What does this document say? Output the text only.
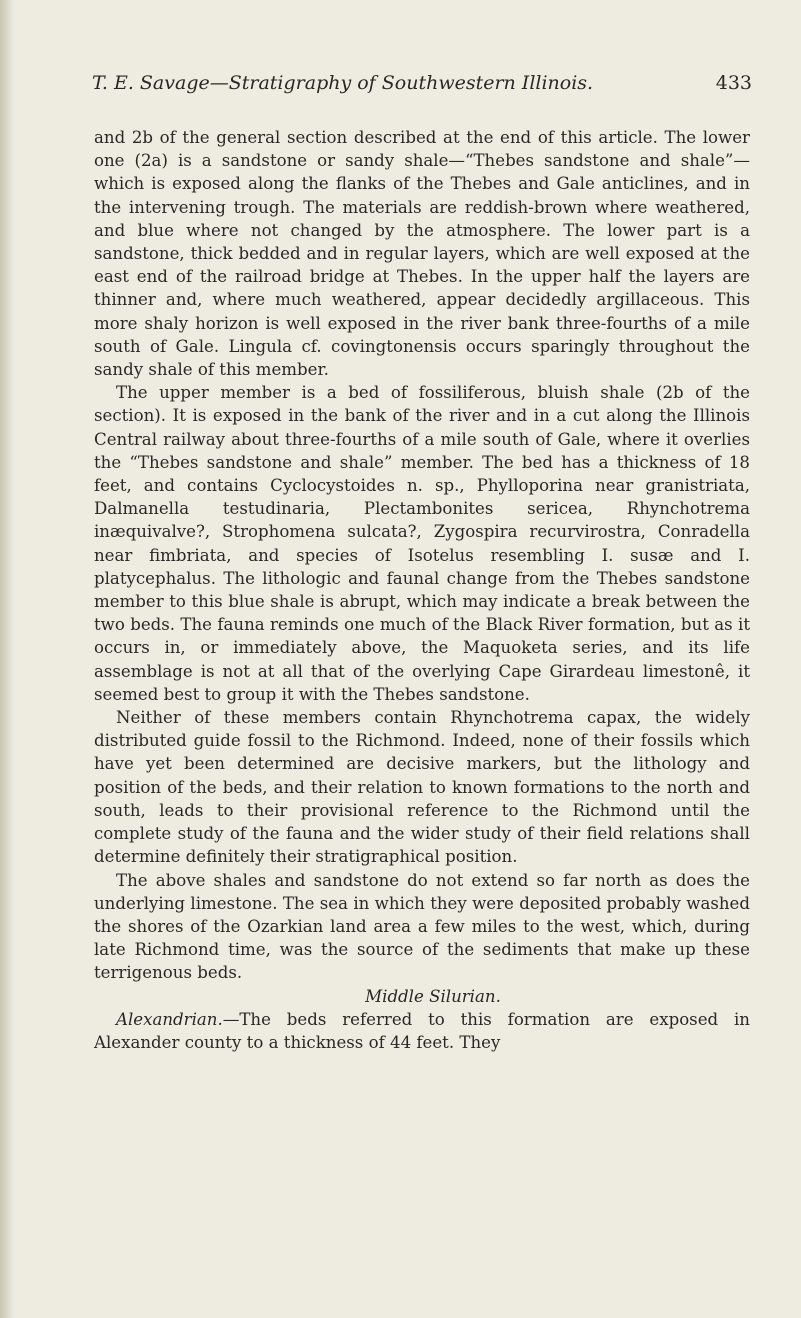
T. E. Savage—Stratigraphy of Southwestern Illinois.	433

and 2b of the general section described at the end of this article. The lower one (2a) is a sandstone or sandy shale—“Thebes sandstone and shale”—which is exposed along the flanks of the Thebes and Gale anticlines, and in the intervening trough. The materials are reddish-brown where weathered, and blue where not changed by the atmosphere. The lower part is a sandstone, thick bedded and in regular layers, which are well exposed at the east end of the railroad bridge at Thebes. In the upper half the layers are thinner and, where much weathered, appear decidedly argillaceous. This more shaly horizon is well exposed in the river bank three-fourths of a mile south of Gale. Lingula cf. covingtonensis occurs sparingly throughout the sandy shale of this member.

The upper member is a bed of fossiliferous, bluish shale (2b of the section). It is exposed in the bank of the river and in a cut along the Illinois Central railway about three-fourths of a mile south of Gale, where it overlies the “Thebes sandstone and shale” member. The bed has a thickness of 18 feet, and contains Cyclocystoides n. sp., Phylloporina near granistriata, Dalmanella testudinaria, Plectambonites sericea, Rhynchotrema inæquivalve?, Strophomena sulcata?, Zygospira recurvirostra, Conradella near fimbriata, and species of Isotelus resembling I. susæ and I. platycephalus. The lithologic and faunal change from the Thebes sandstone member to this blue shale is abrupt, which may indicate a break between the two beds. The fauna reminds one much of the Black River formation, but as it occurs in, or immediately above, the Maquoketa series, and its life assemblage is not at all that of the overlying Cape Girardeau limestonê, it seemed best to group it with the Thebes sandstone.

Neither of these members contain Rhynchotrema capax, the widely distributed guide fossil to the Richmond. Indeed, none of their fossils which have yet been determined are decisive markers, but the lithology and position of the beds, and their relation to known formations to the north and south, leads to their provisional reference to the Richmond until the complete study of the fauna and the wider study of their field relations shall determine definitely their stratigraphical position.

The above shales and sandstone do not extend so far north as does the underlying limestone. The sea in which they were deposited probably washed the shores of the Ozarkian land area a few miles to the west, which, during late Richmond time, was the source of the sediments that make up these terrigenous beds.

Middle Silurian.

Alexandrian.—The beds referred to this formation are exposed in Alexander county to a thickness of 44 feet. They
